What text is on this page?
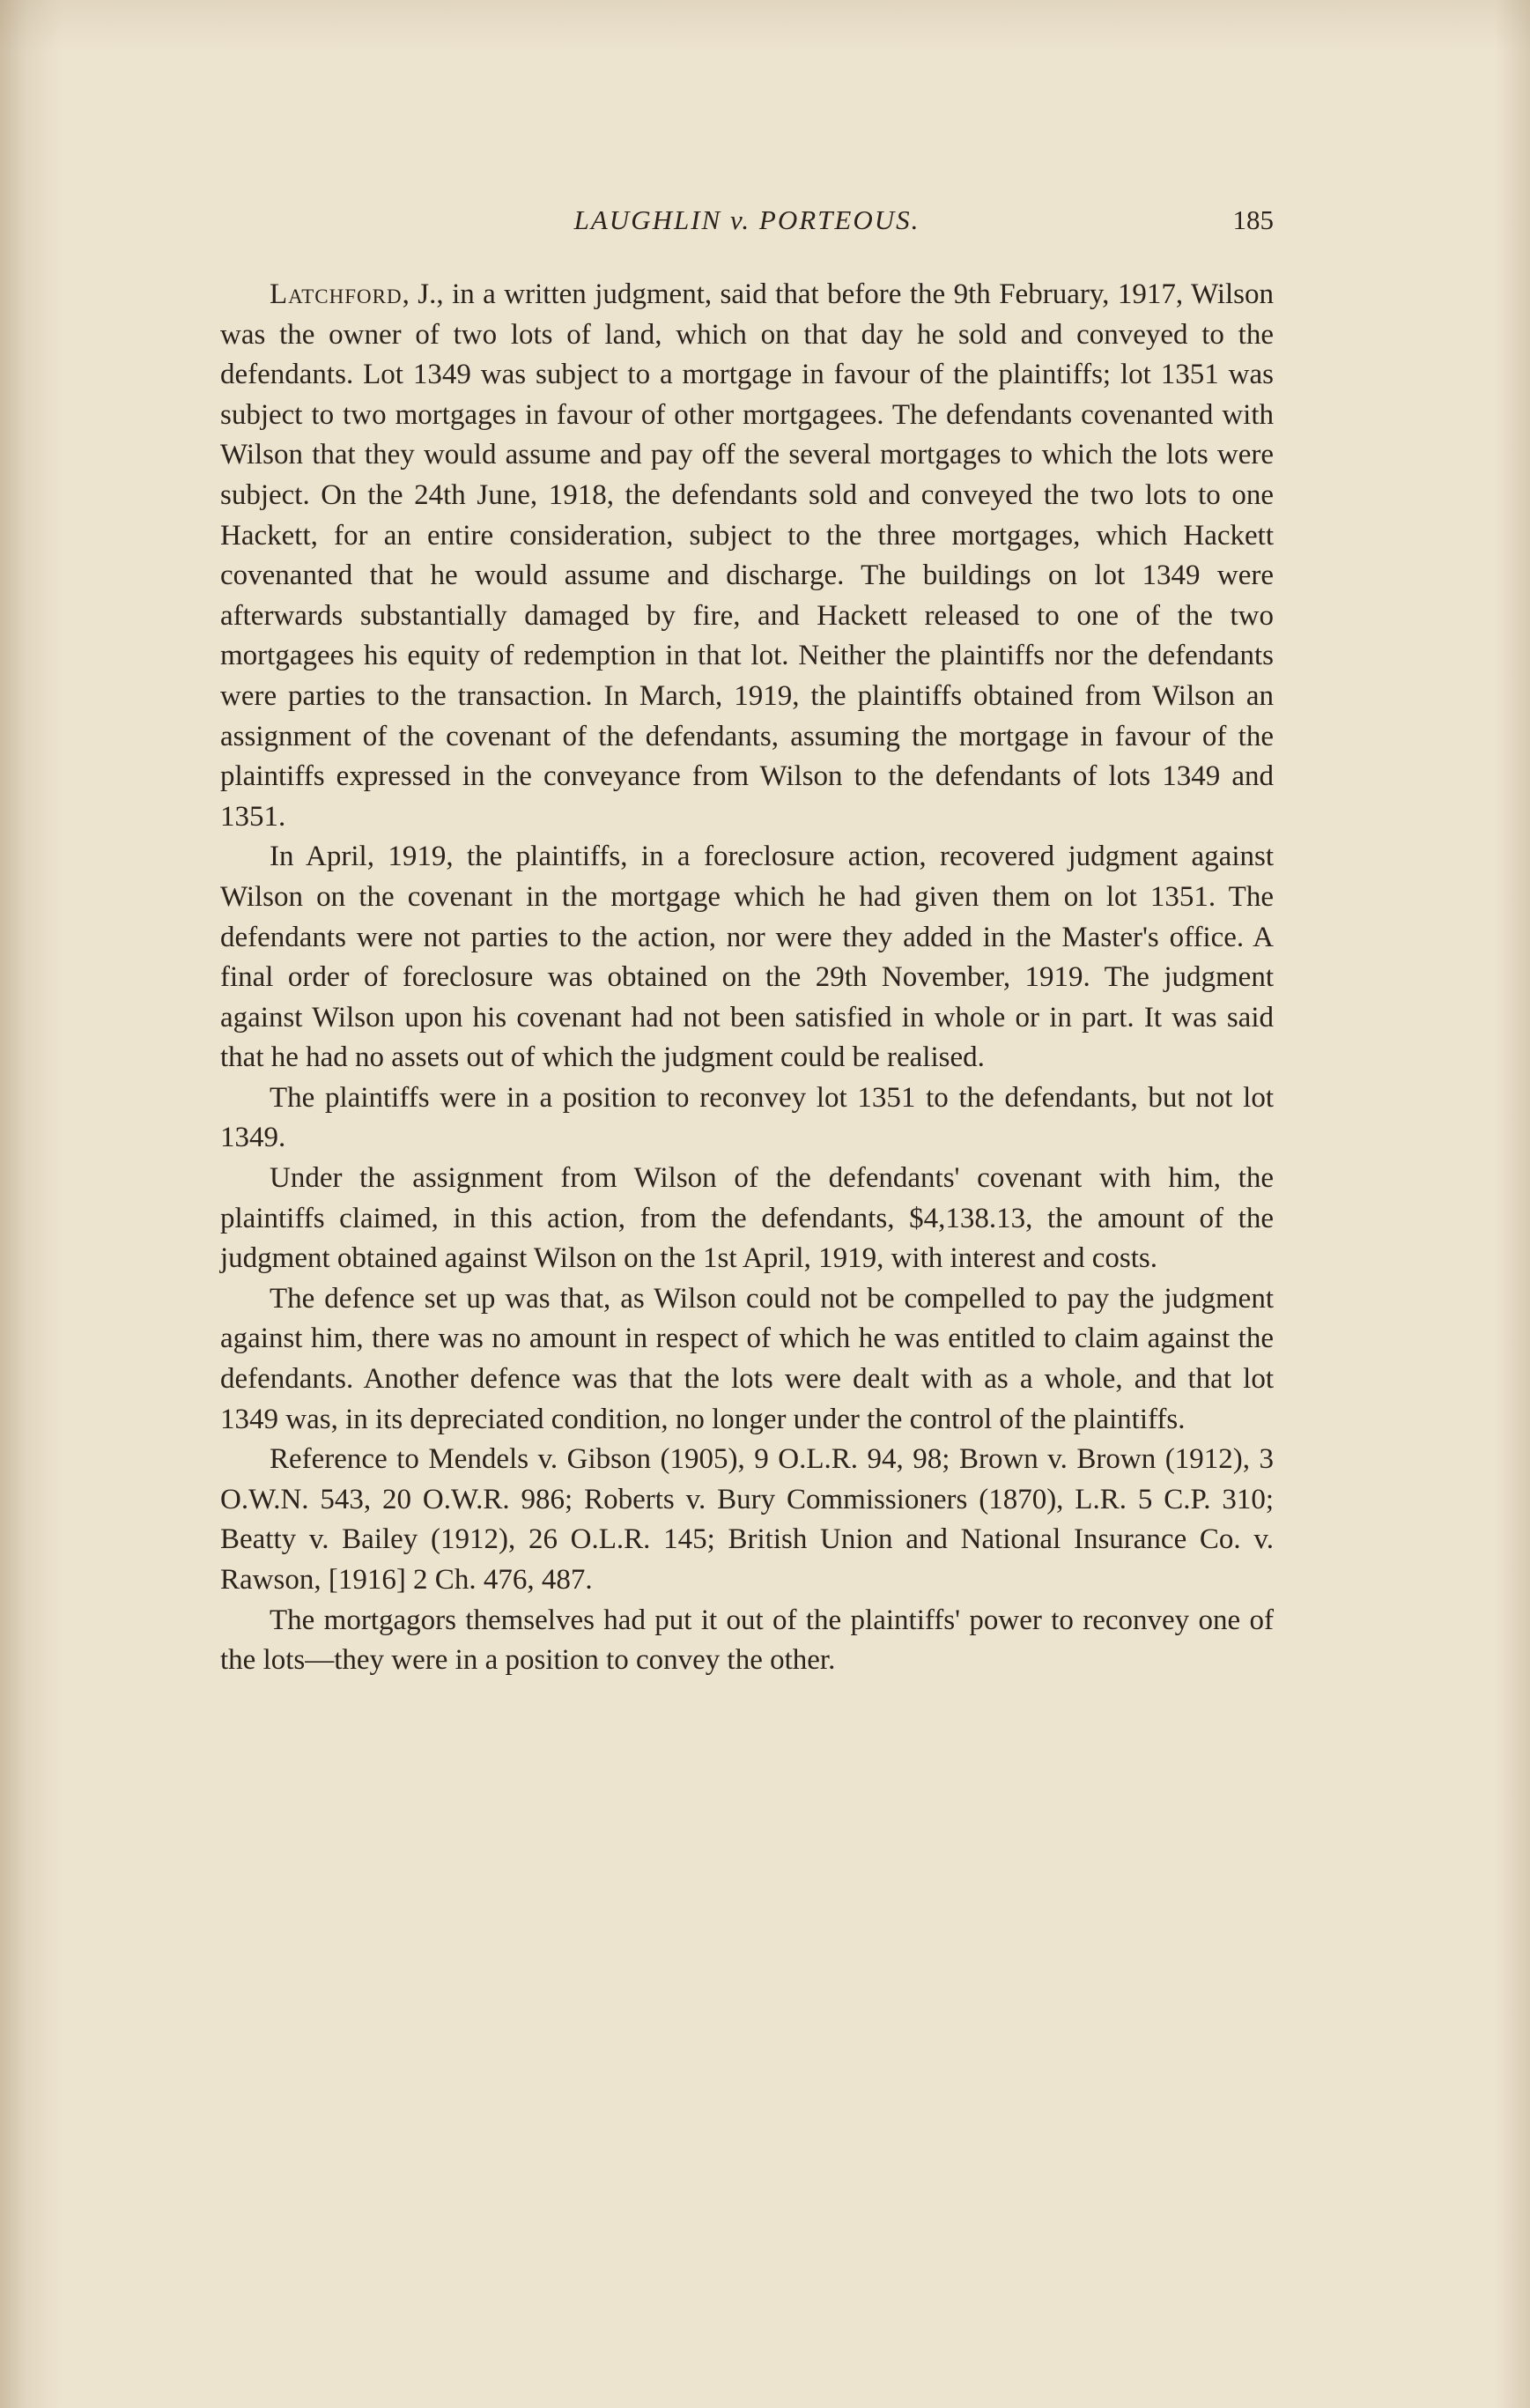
LAUGHLIN v. PORTEOUS.	185

Latchford, J., in a written judgment, said that before the 9th February, 1917, Wilson was the owner of two lots of land, which on that day he sold and conveyed to the defendants. Lot 1349 was subject to a mortgage in favour of the plaintiffs; lot 1351 was subject to two mortgages in favour of other mortgagees. The defendants covenanted with Wilson that they would assume and pay off the several mortgages to which the lots were subject. On the 24th June, 1918, the defendants sold and conveyed the two lots to one Hackett, for an entire consideration, subject to the three mortgages, which Hackett covenanted that he would assume and discharge. The buildings on lot 1349 were afterwards substantially damaged by fire, and Hackett released to one of the two mortgagees his equity of redemption in that lot. Neither the plaintiffs nor the defendants were parties to the transaction. In March, 1919, the plaintiffs obtained from Wilson an assignment of the covenant of the defendants, assuming the mortgage in favour of the plaintiffs expressed in the conveyance from Wilson to the defendants of lots 1349 and 1351.

In April, 1919, the plaintiffs, in a foreclosure action, recovered judgment against Wilson on the covenant in the mortgage which he had given them on lot 1351. The defendants were not parties to the action, nor were they added in the Master's office. A final order of foreclosure was obtained on the 29th November, 1919. The judgment against Wilson upon his covenant had not been satisfied in whole or in part. It was said that he had no assets out of which the judgment could be realised.

The plaintiffs were in a position to reconvey lot 1351 to the defendants, but not lot 1349.

Under the assignment from Wilson of the defendants' covenant with him, the plaintiffs claimed, in this action, from the defendants, $4,138.13, the amount of the judgment obtained against Wilson on the 1st April, 1919, with interest and costs.

The defence set up was that, as Wilson could not be compelled to pay the judgment against him, there was no amount in respect of which he was entitled to claim against the defendants. Another defence was that the lots were dealt with as a whole, and that lot 1349 was, in its depreciated condition, no longer under the control of the plaintiffs.

Reference to Mendels v. Gibson (1905), 9 O.L.R. 94, 98; Brown v. Brown (1912), 3 O.W.N. 543, 20 O.W.R. 986; Roberts v. Bury Commissioners (1870), L.R. 5 C.P. 310; Beatty v. Bailey (1912), 26 O.L.R. 145; British Union and National Insurance Co. v. Rawson, [1916] 2 Ch. 476, 487.

The mortgagors themselves had put it out of the plaintiffs' power to reconvey one of the lots—they were in a position to convey the other.
